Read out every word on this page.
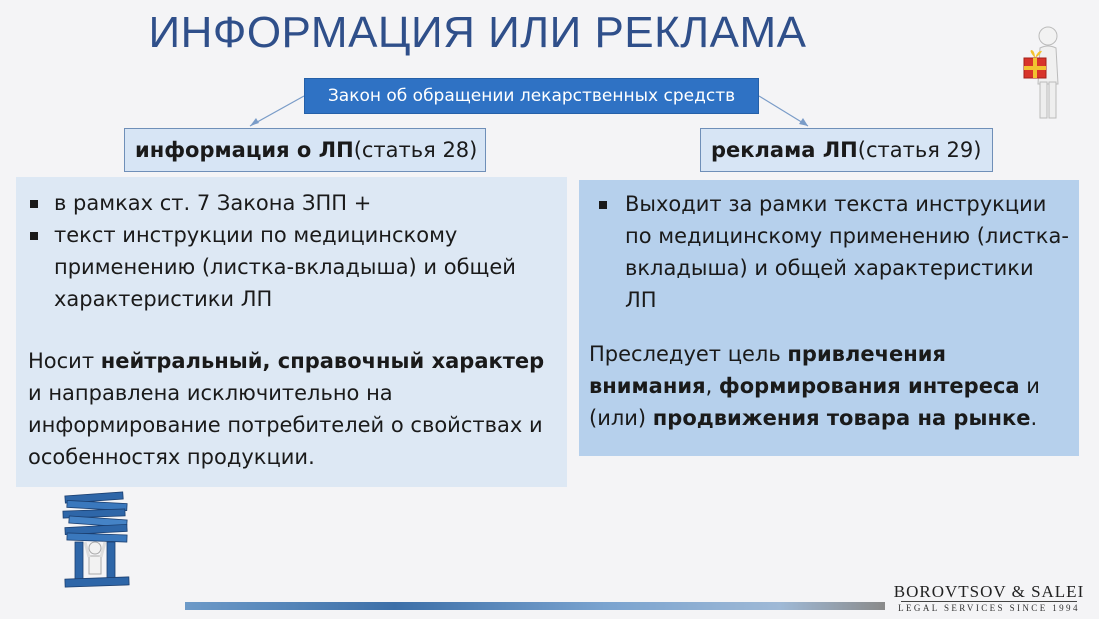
ИНФОРМАЦИЯ ИЛИ РЕКЛАМА
Закон об обращении лекарственных средств
информация о ЛП (статья 28)	реклама ЛП (статья 29)
в рамках ст. 7 Закона ЗПП +
текст инструкции по медицинскому применению (листка-вкладыша) и общей характеристики ЛП

Носит нейтральный, справочный характер и направлена исключительно на информирование потребителей о свойствах и особенностях продукции.

Выходит за рамки текста инструкции по медицинскому применению (листка-вкладыша) и общей характеристики ЛП

Преследует цель привлечения внимания, формирования интереса и (или) продвижения товара на рынке.

BOROVTSOV & SALEI
LEGAL SERVICES SINCE 1994
